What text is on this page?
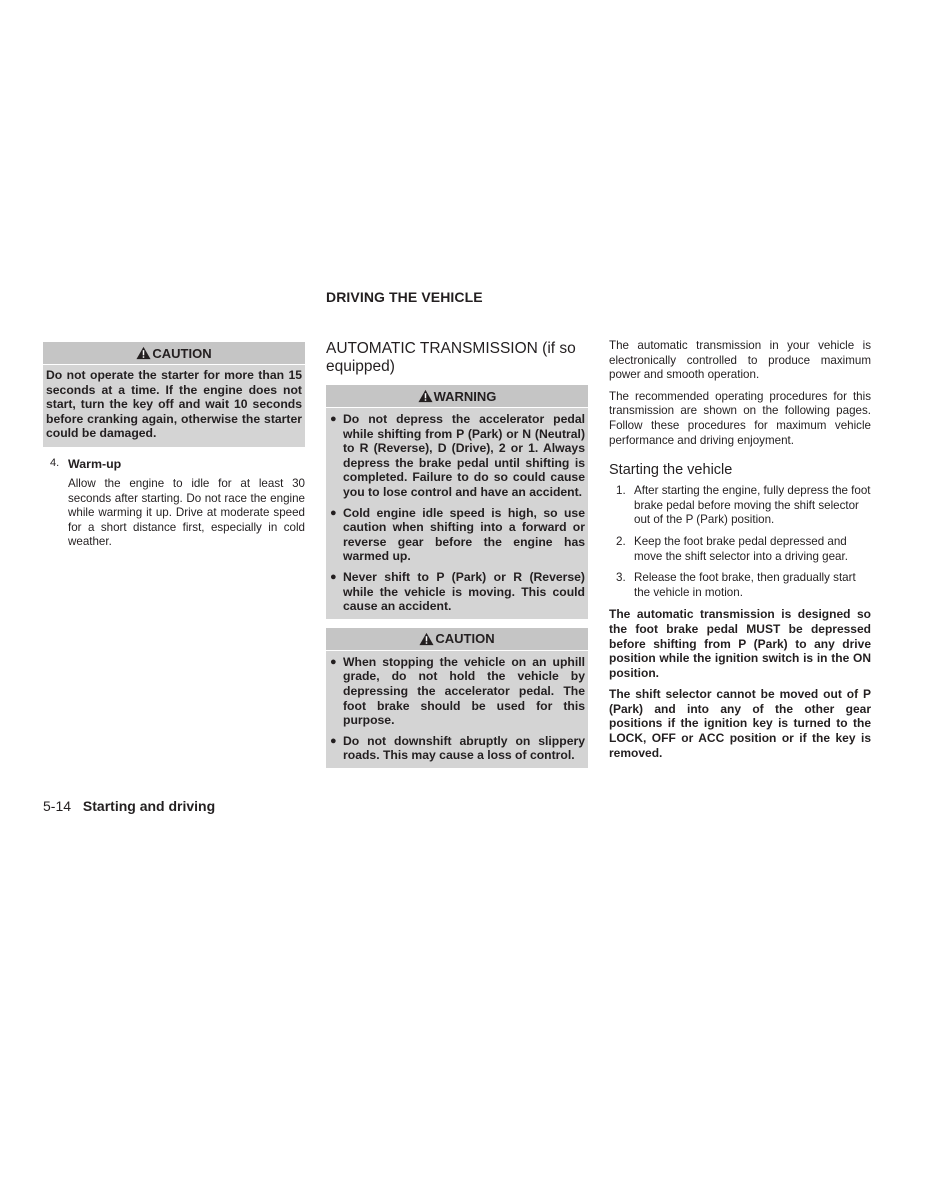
DRIVING THE VEHICLE
CAUTION
Do not operate the starter for more than 15 seconds at a time. If the engine does not start, turn the key off and wait 10 seconds before cranking again, otherwise the starter could be damaged.
4. Warm-up
Allow the engine to idle for at least 30 seconds after starting. Do not race the engine while warming it up. Drive at moderate speed for a short distance first, especially in cold weather.
AUTOMATIC TRANSMISSION (if so equipped)
WARNING
● Do not depress the accelerator pedal while shifting from P (Park) or N (Neutral) to R (Reverse), D (Drive), 2 or 1. Always depress the brake pedal until shifting is completed. Failure to do so could cause you to lose control and have an accident.
● Cold engine idle speed is high, so use caution when shifting into a forward or reverse gear before the engine has warmed up.
● Never shift to P (Park) or R (Reverse) while the vehicle is moving. This could cause an accident.
CAUTION
● When stopping the vehicle on an uphill grade, do not hold the vehicle by depressing the accelerator pedal. The foot brake should be used for this purpose.
● Do not downshift abruptly on slippery roads. This may cause a loss of control.

The automatic transmission in your vehicle is electronically controlled to produce maximum power and smooth operation.

The recommended operating procedures for this transmission are shown on the following pages. Follow these procedures for maximum vehicle performance and driving enjoyment.

Starting the vehicle
1. After starting the engine, fully depress the foot brake pedal before moving the shift selector out of the P (Park) position.
2. Keep the foot brake pedal depressed and move the shift selector into a driving gear.
3. Release the foot brake, then gradually start the vehicle in motion.

The automatic transmission is designed so the foot brake pedal MUST be depressed before shifting from P (Park) to any drive position while the ignition switch is in the ON position.

The shift selector cannot be moved out of P (Park) and into any of the other gear positions if the ignition key is turned to the LOCK, OFF or ACC position or if the key is removed.

5-14 Starting and driving
